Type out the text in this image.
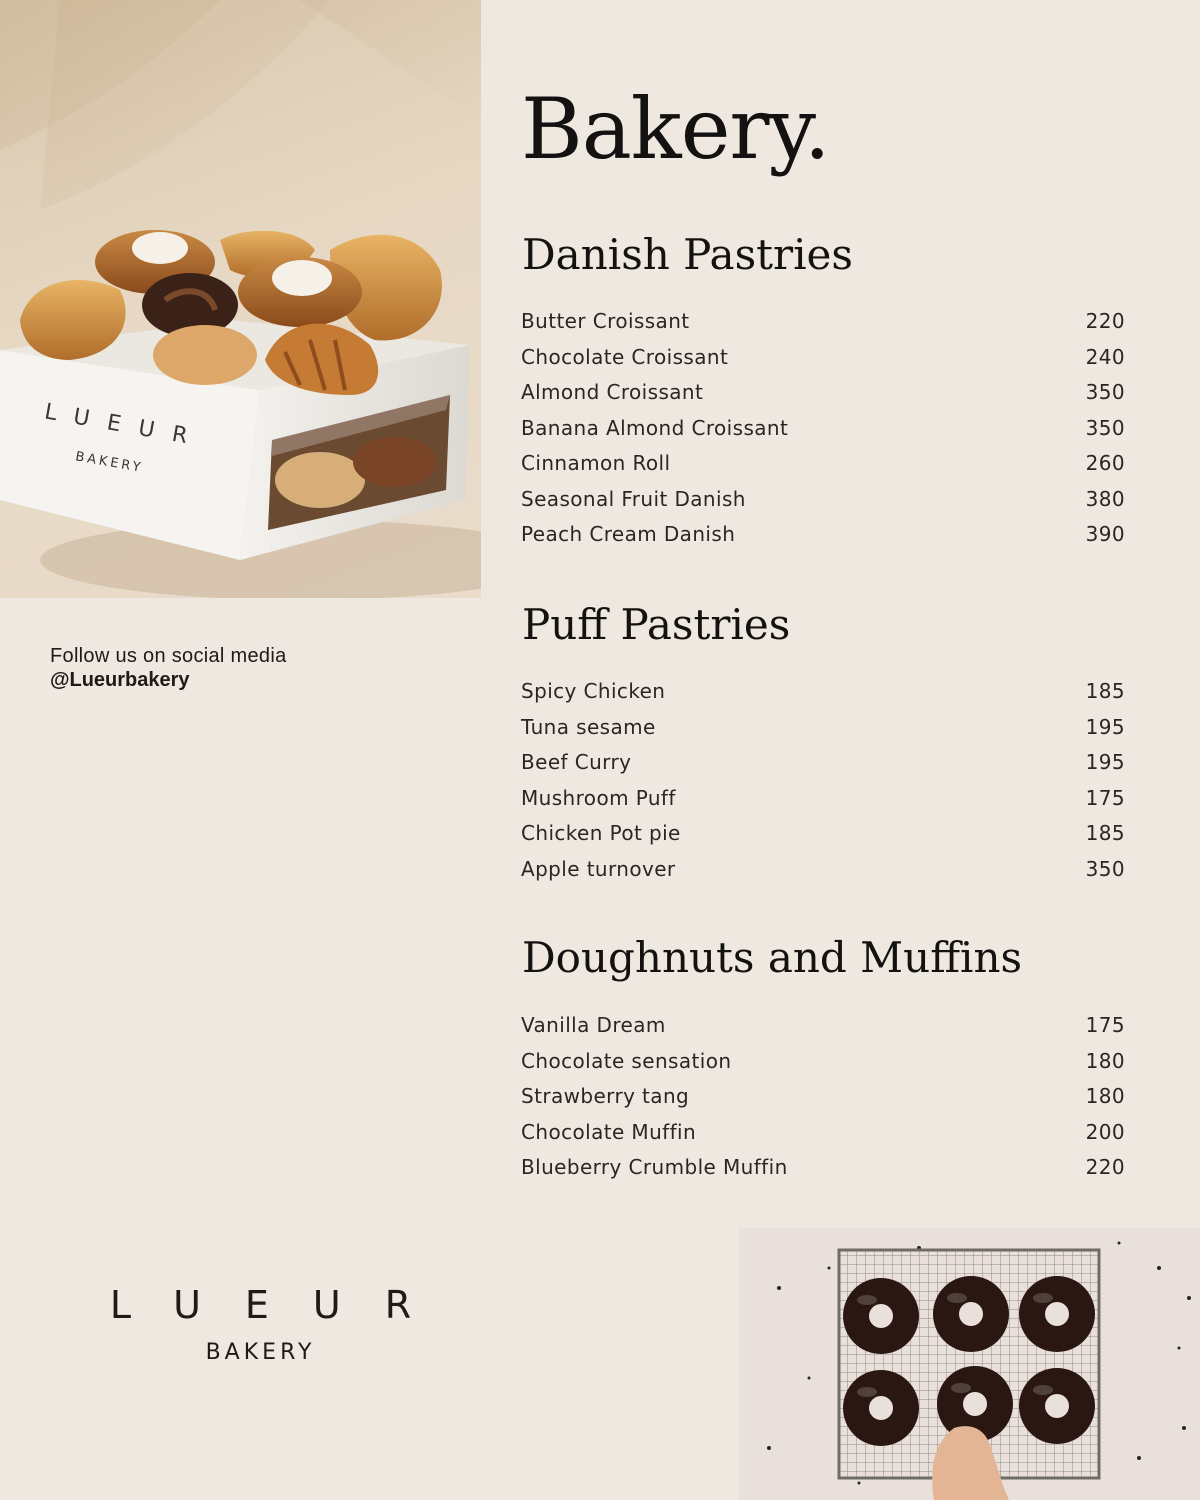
LUEUR
BAKERY
Follow us on social media
@Lueurbakery
LUEUR
BAKERY
Bakery.
Danish Pastries
Butter Croissant	220
Chocolate Croissant	240
Almond Croissant	350
Banana Almond Croissant	350
Cinnamon Roll	260
Seasonal Fruit Danish	380
Peach Cream Danish	390
Puff Pastries
Spicy Chicken	185
Tuna sesame	195
Beef Curry	195
Mushroom Puff	175
Chicken Pot pie	185
Apple turnover	350
Doughnuts and Muffins
Vanilla Dream	175
Chocolate sensation	180
Strawberry tang	180
Chocolate Muffin	200
Blueberry Crumble Muffin	220
